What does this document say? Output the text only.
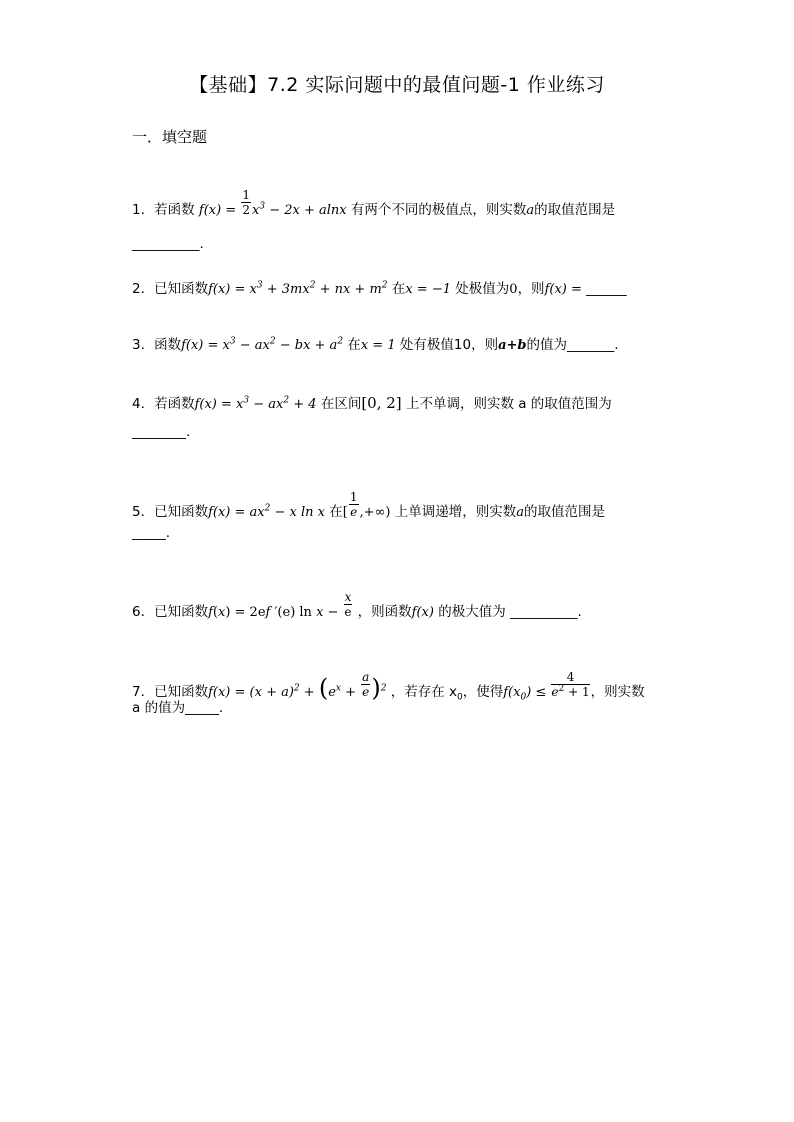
【基础】7.2 实际问题中的最值问题-1 作业练习
一．填空题
1．若函数 $f(x) = \frac{1}{2} x^3 - 2x + alnx$ 有两个不同的极值点，则实数a的取值范围是
__________.
2．已知函数$f(x) = x^3 + 3mx^2$ + nx + $m^2$ 在x = −1 处极值为0，则f(x) = ______
3．函数$f(x) = x^3 - ax^2$ − bx + $a^2$ 在x = 1 处有极值10，则a+b的值为_______.
4．若函数$f(x) = x^3 - ax^2 + 4$ 在区间[0, 2] 上不单调，则实数 a 的取值范围为
________.
5．已知函数$f(x) = ax^2 - x$ ln x 在[ $\frac{1}{e}$ ,+∞) 上单调递增，则实数a的取值范围是
_____.
6．已知函数f(x) = 2ef ′(e) $\ln x - \frac{x}{e}$ ，则函数f(x) 的极大值为 __________.
7．已知函数$f(x) = (x + a)^2 + (e^x + \frac{a}{e} )^2$ ，若存在 $x_0$，使得$f(x_0) \le \frac{4}{e^2 + 1}$ ，则实数
a 的值为_____.
